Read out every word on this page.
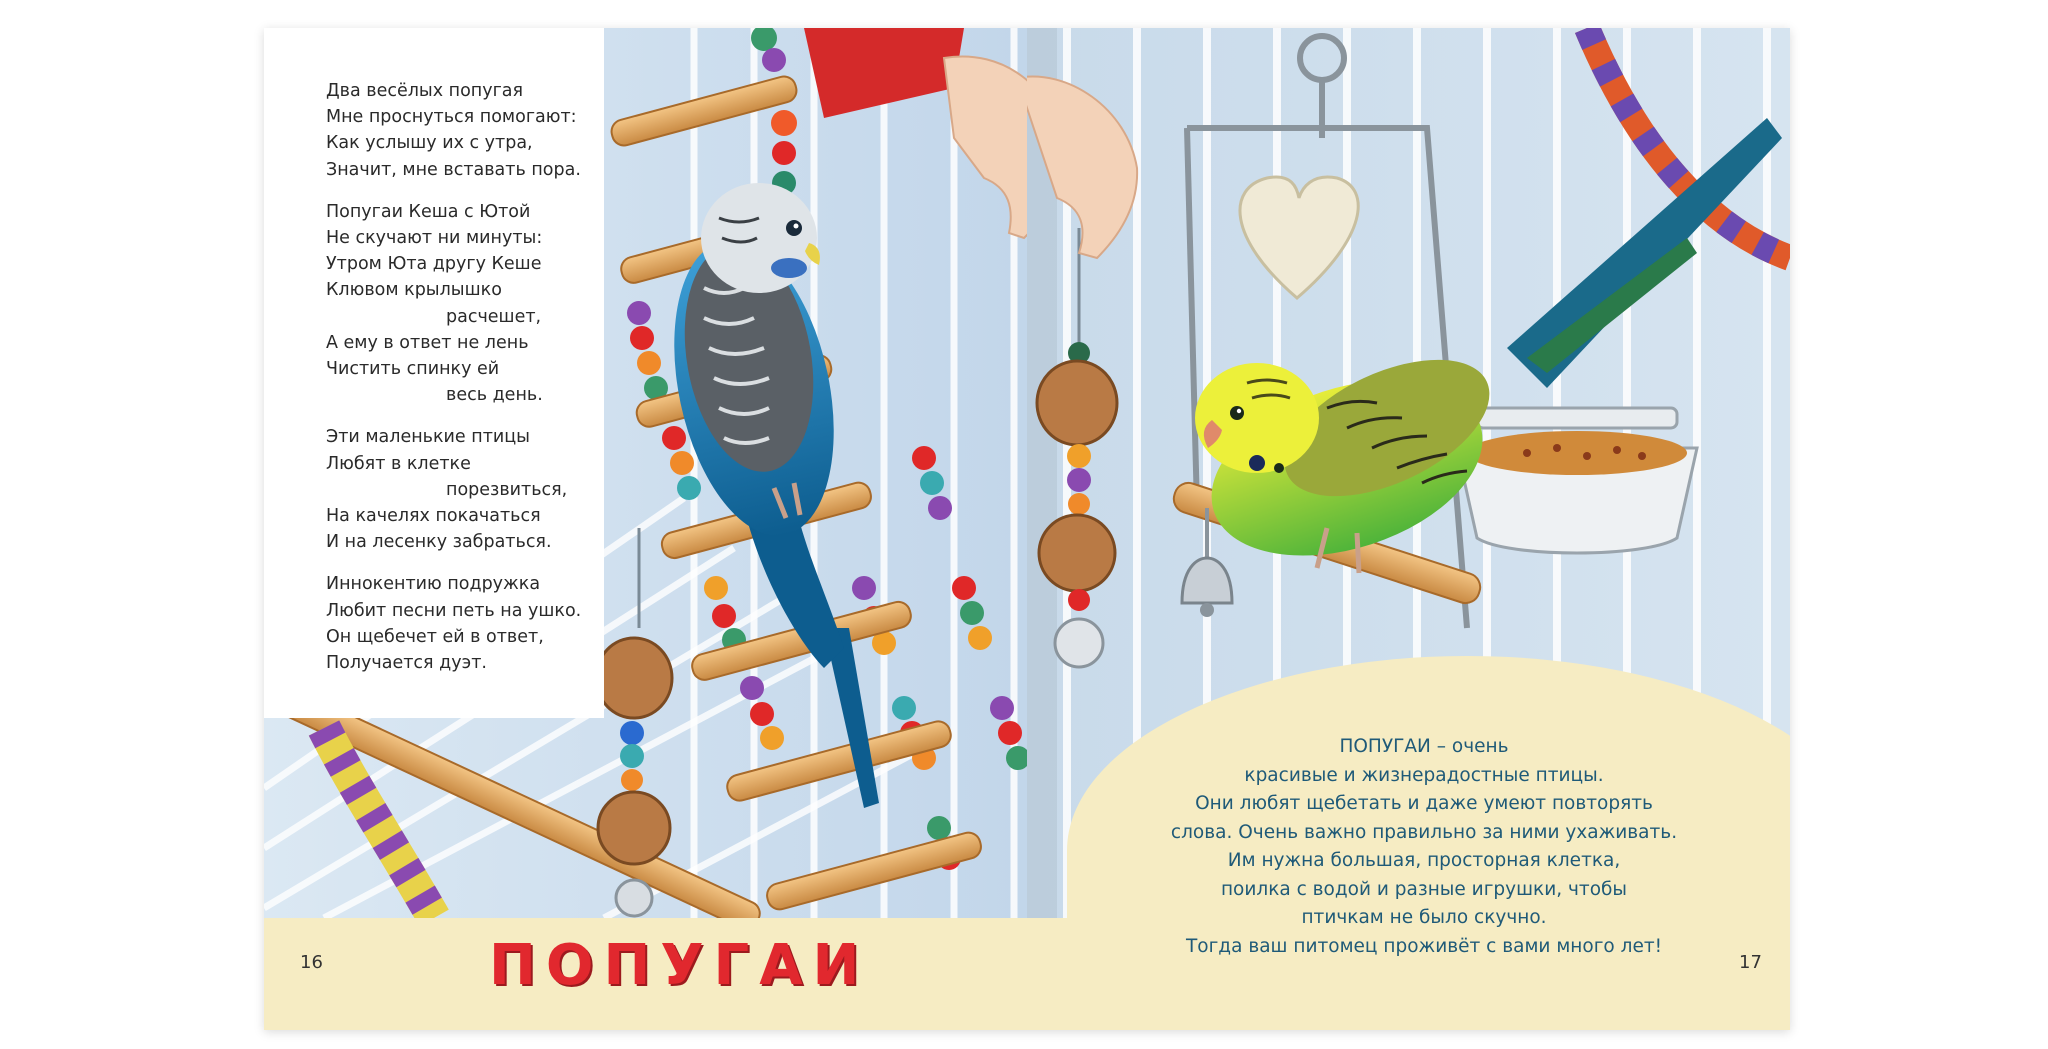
Два весёлых попугая
Мне проснуться помогают:
Как услышу их с утра,
Значит, мне вставать пора.
Попугаи Кеша с Ютой
Не скучают ни минуты:
Утром Юта другу Кеше
Клювом крылышко
расчешет,
А ему в ответ не лень
Чистить спинку ей
весь день.
Эти маленькие птицы
Любят в клетке
порезвиться,
На качелях покачаться
И на лесенку забраться.
Иннокентию подружка
Любит песни петь на ушко.
Он щебечет ей в ответ,
Получается дуэт.
16	ПОПУГАИ
ПОПУГАИ – очень
красивые и жизнерадостные птицы.
Они любят щебетать и даже умеют повторять
слова. Очень важно правильно за ними ухаживать.
Им нужна большая, просторная клетка,
поилка с водой и разные игрушки, чтобы
птичкам не было скучно.
Тогда ваш питомец проживёт с вами много лет!
17
